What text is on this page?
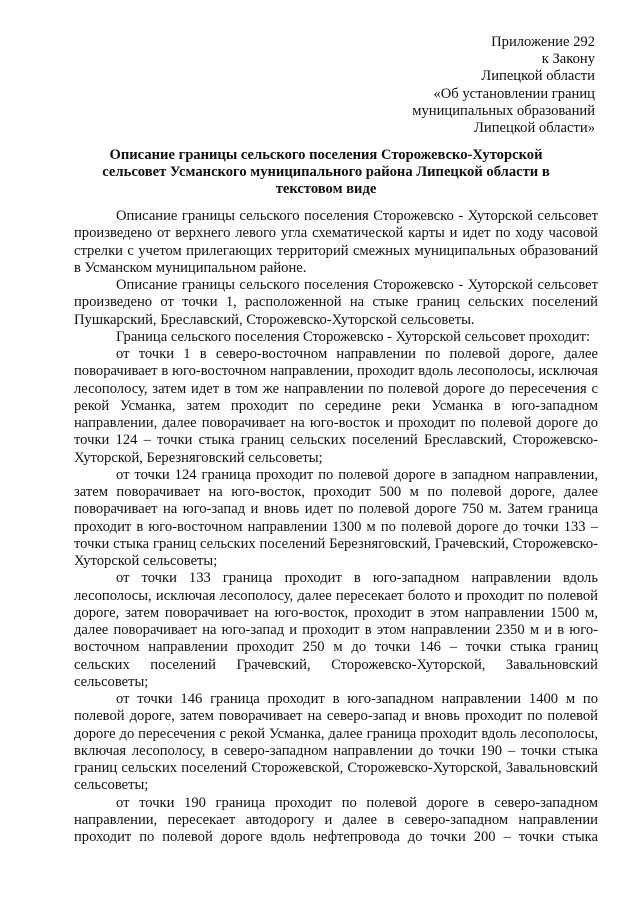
Приложение 292
к Закону
Липецкой области
«Об установлении границ
муниципальных образований
Липецкой области»
Описание границы сельского поселения Сторожевско-Хуторской
сельсовет Усманского муниципального района Липецкой области в
текстовом виде

Описание границы сельского поселения Сторожевско - Хуторской сельсовет произведено от верхнего левого угла схематической карты и идет по ходу часовой стрелки с учетом прилегающих территорий смежных муниципальных образований в Усманском муниципальном районе.

Описание границы сельского поселения Сторожевско - Хуторской сельсовет произведено от точки 1, расположенной на стыке границ сельских поселений Пушкарский, Бреславский, Сторожевско-Хуторской сельсоветы.

Граница сельского поселения Сторожевско - Хуторской сельсовет проходит:

от точки 1 в северо-восточном направлении по полевой дороге, далее поворачивает в юго-восточном направлении, проходит вдоль лесополосы, исключая лесополосу, затем идет в том же направлении по полевой дороге до пересечения с рекой Усманка, затем проходит по середине реки Усманка в юго-западном направлении, далее поворачивает на юго-восток и проходит по полевой дороге до точки 124 – точки стыка границ сельских поселений Бреславский, Сторожевско-Хуторской, Березняговский сельсоветы;

от точки 124 граница проходит по полевой дороге в западном направлении, затем поворачивает на юго-восток, проходит 500 м по полевой дороге, далее поворачивает на юго-запад и вновь идет по полевой дороге 750 м. Затем граница проходит в юго-восточном направлении 1300 м по полевой дороге до точки 133 – точки стыка границ сельских поселений Березняговский, Грачевский, Сторожевско-Хуторской сельсоветы;

от точки 133 граница проходит в юго-западном направлении вдоль лесополосы, исключая лесополосу, далее пересекает болото и проходит по полевой дороге, затем поворачивает на юго-восток, проходит в этом направлении 1500 м, далее поворачивает на юго-запад и проходит в этом направлении 2350 м и в юго-восточном направлении проходит 250 м до точки 146 – точки стыка границ сельских поселений Грачевский, Сторожевско-Хуторской, Завальновский сельсоветы;

от точки 146 граница проходит в юго-западном направлении 1400 м по полевой дороге, затем поворачивает на северо-запад и вновь проходит по полевой дороге до пересечения с рекой Усманка, далее граница проходит вдоль лесополосы, включая лесополосу, в северо-западном направлении до точки 190 – точки стыка границ сельских поселений Сторожевской, Сторожевско-Хуторской, Завальновский сельсоветы;

от точки 190 граница проходит по полевой дороге в северо-западном направлении, пересекает автодорогу и далее в северо-западном направлении проходит по полевой дороге вдоль нефтепровода до точки 200 – точки стыка
